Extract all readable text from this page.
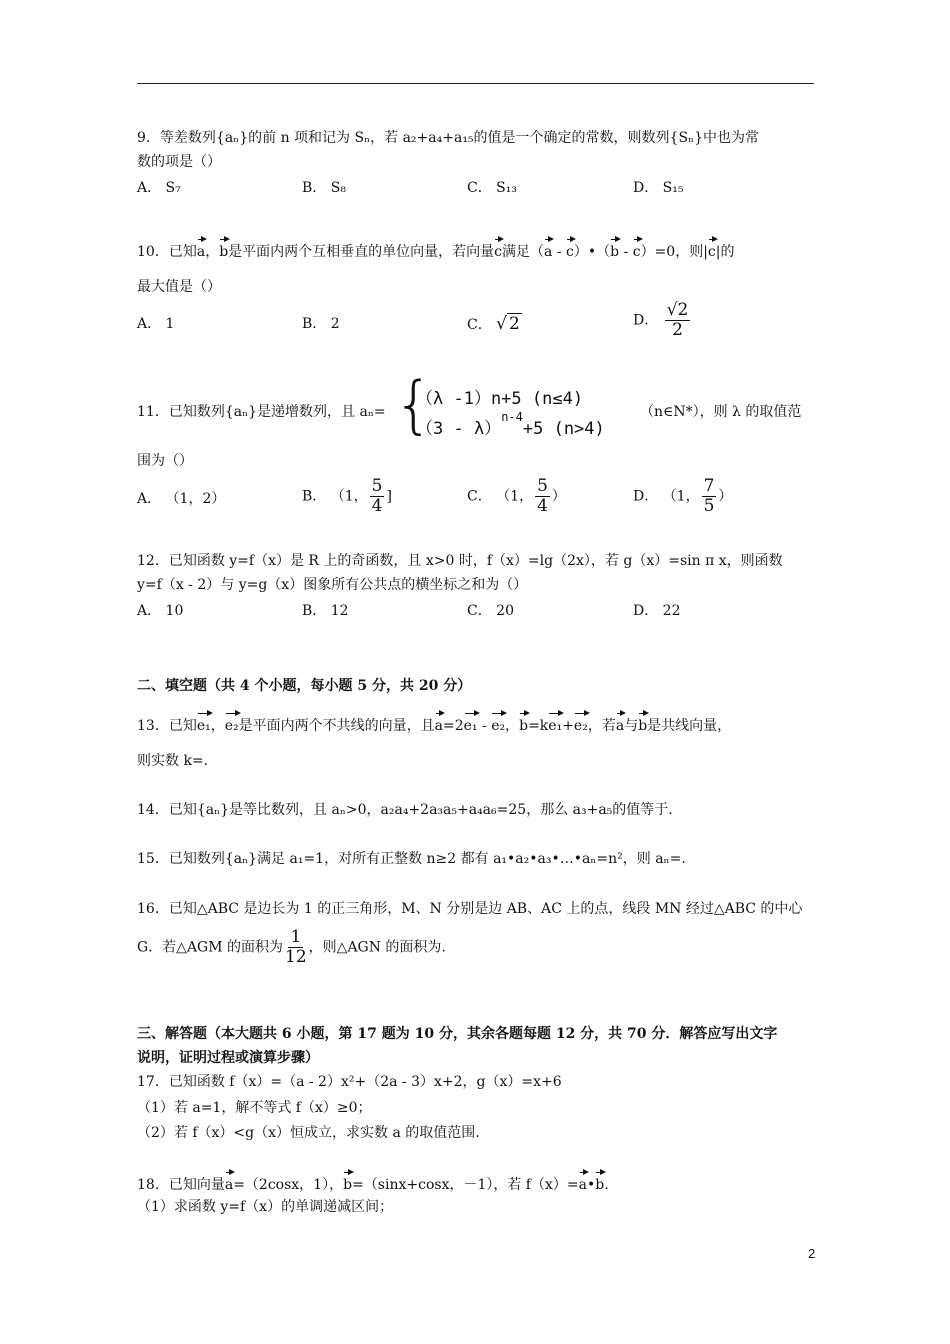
9．等差数列{aₙ}的前 n 项和记为 Sₙ，若 a₂+a₄+a₁₅的值是一个确定的常数，则数列{Sₙ}中也为常
数的项是（）
A． S₇	B． S₈	C． S₁₃	D． S₁₅
10．已知a，b是平面内两个互相垂直的单位向量，若向量c满足（a - c）•（b - c）=0，则|c|的
最大值是（）
A． 1	B． 2	C． √ 2	D． $\frac{√2}{2}$
11．已知数列{aₙ}是递增数列，且 aₙ= {
（λ -1）n+5 (n≤4)
（3 - λ）$^{n-4}$+5 (n>4)
（n∈N*），则 λ 的取值范
围为（）
A． （1，2）	B． （1， $\frac{5}{4}$ ]	C． （1， $\frac{5}{4}$ ）	D． （1， $\frac{7}{5}$ ）
12．已知函数 y=f（x）是 R 上的奇函数，且 x>0 时，f（x）=lg（2x），若 g（x）=sin π x，则函数
y=f（x - 2）与 y=g（x）图象所有公共点的横坐标之和为（）
A． 10	B． 12	C． 20	D． 22
二、填空题（共 4 个小题，每小题 5 分，共 20 分）
13．已知e₁，e₂是平面内两个不共线的向量，且a=2e₁ - e₂，b=ke₁+e₂，若a与b是共线向量，
则实数 k=.
14．已知{aₙ}是等比数列，且 aₙ>0，a₂a₄+2a₃a₅+a₄a₆=25，那么 a₃+a₅的值等于.
15．已知数列{aₙ}满足 a₁=1，对所有正整数 n≥2 都有 a₁•a₂•a₃•…•aₙ=n²，则 aₙ=.
16．已知△ABC 是边长为 1 的正三角形，M、N 分别是边 AB、AC 上的点，线段 MN 经过△ABC 的中心
G．若△AGM 的面积为 $\frac{1}{12}$ ，则△AGN 的面积为.
三、解答题（本大题共 6 小题，第 17 题为 10 分，其余各题每题 12 分，共 70 分．解答应写出文字
说明，证明过程或演算步骤）
17．已知函数 f（x）=（a - 2）x²+（2a - 3）x+2，g（x）=x+6
（1）若 a=1，解不等式 f（x）≥0；
（2）若 f（x）<g（x）恒成立，求实数 a 的取值范围.
18．已知向量a=（2cosx，1），b=（sinx+cosx，－1），若 f（x）=a•b.
（1）求函数 y=f（x）的单调递减区间；
2
